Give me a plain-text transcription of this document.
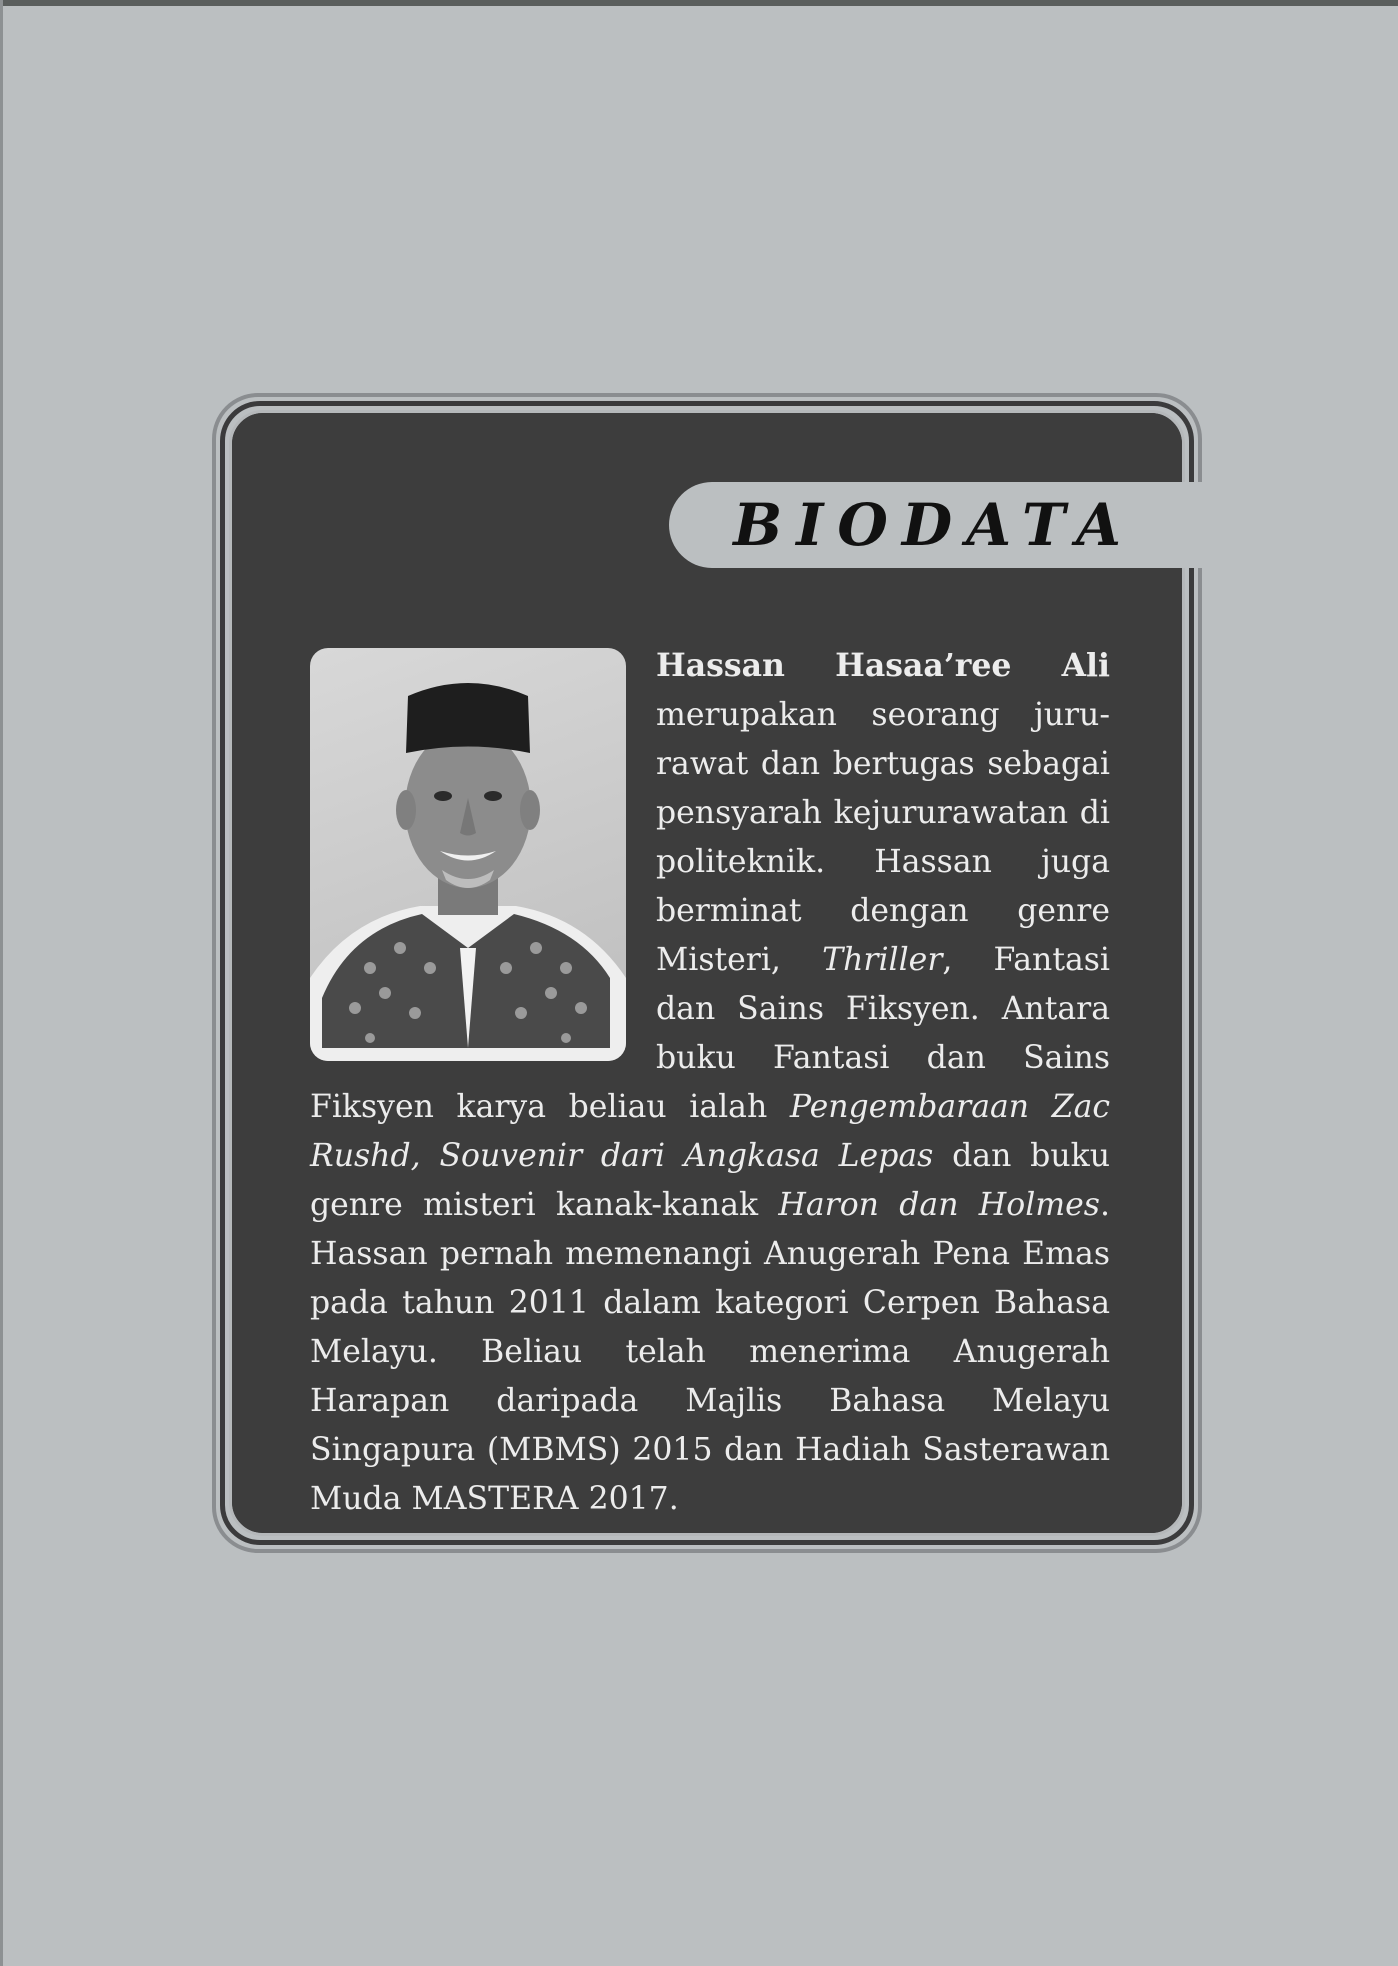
BIODATA

Hassan Hasaa’ree Ali merupakan seorang juru-rawat dan bertugas sebagai pensyarah kejururawatan di politeknik. Hassan juga berminat dengan genre Misteri, Thriller, Fantasi dan Sains Fiksyen. Antara buku Fantasi dan Sains Fiksyen karya beliau ialah Pengembaraan Zac Rushd, Souvenir dari Angkasa Lepas dan buku genre misteri kanak-kanak Haron dan Holmes. Hassan pernah memenangi Anugerah Pena Emas pada tahun 2011 dalam kategori Cerpen Bahasa Melayu. Beliau telah menerima Anugerah Harapan daripada Majlis Bahasa Melayu Singapura (MBMS) 2015 dan Hadiah Sasterawan Muda MASTERA 2017.
